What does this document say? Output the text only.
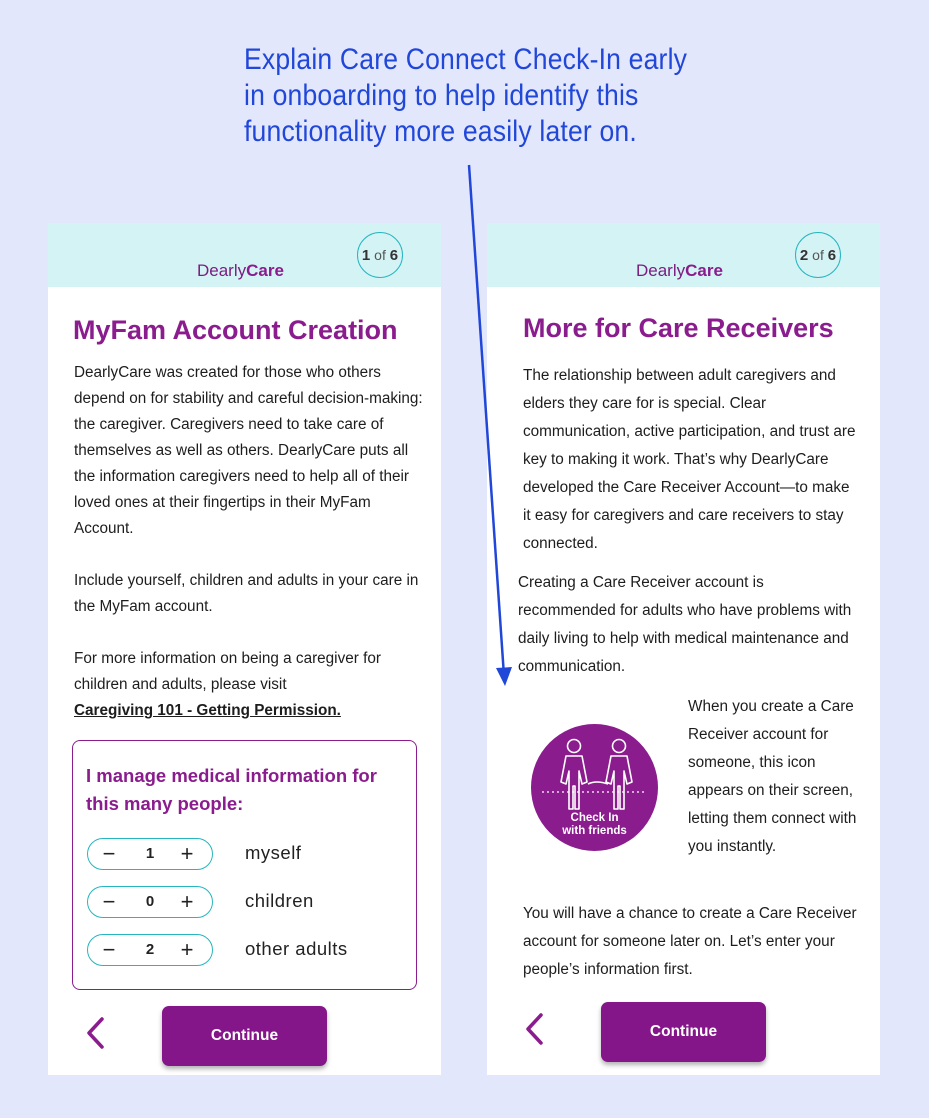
Explain Care Connect Check-In early
in onboarding to help identify this
functionality more easily later on.
DearlyCare
1 of 6
MyFam Account Creation
DearlyCare was created for those who others depend on for stability and careful decision-making: the caregiver. Caregivers need to take care of themselves as well as others. DearlyCare puts all the information caregivers need to help all of their loved ones at their fingertips in their MyFam Account.
Include yourself, children and adults in your care in the MyFam account.
For more information on being a caregiver for children and adults, please visit
Caregiving 101 - Getting Permission.
I manage medical information for this many people:
−	1	+	myself
−	0	+	children
−	2	+	other adults
Continue
DearlyCare
2 of 6
More for Care Receivers
The relationship between adult caregivers and elders they care for is special. Clear communication, active participation, and trust are key to making it work. That’s why DearlyCare developed the Care Receiver Account—to make it easy for caregivers and care receivers to stay connected.
Creating a Care Receiver account is recommended for adults who have problems with daily living to help with medical maintenance and communication.
Check In
with friends
When you create a Care Receiver account for someone, this icon appears on their screen, letting them connect with you instantly.
You will have a chance to create a Care Receiver account for someone later on. Let’s enter your people’s information first.
Continue
